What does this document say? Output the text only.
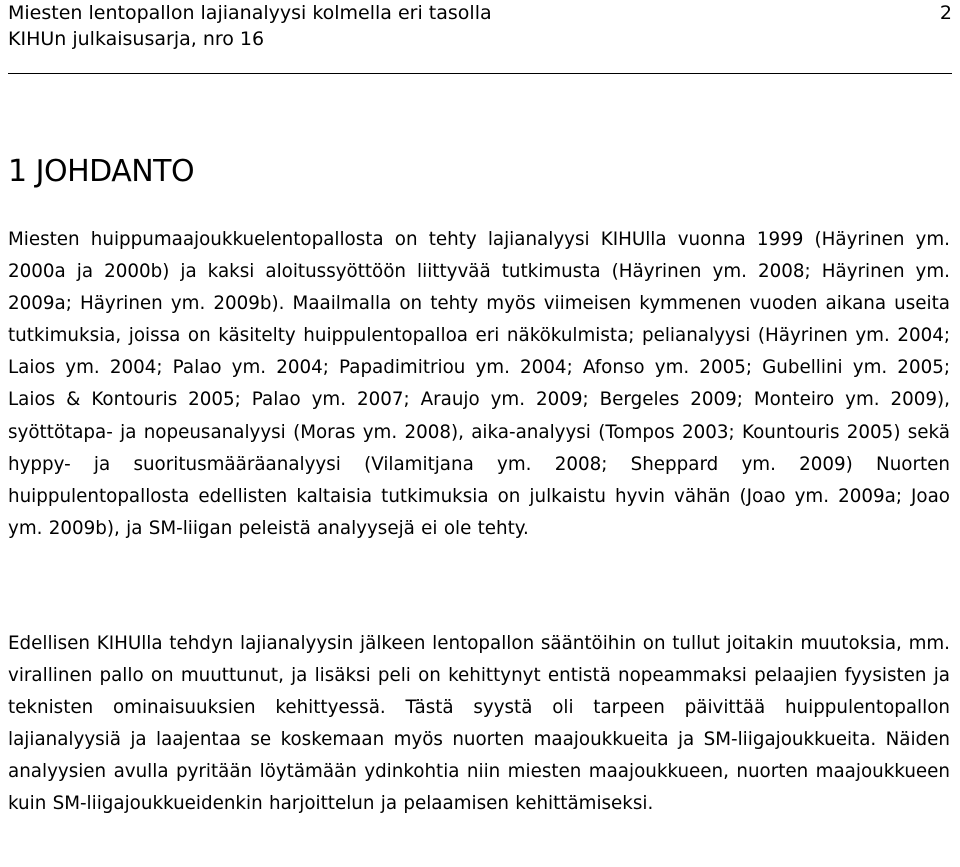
Miesten lentopallon lajianalyysi kolmella eri tasolla
KIHUn julkaisusarja, nro 16
2
1 JOHDANTO

Miesten huippumaajoukkuelentopallosta on tehty lajianalyysi KIHUlla vuonna 1999 (Häyrinen ym. 2000a ja 2000b) ja kaksi aloitussyöttöön liittyvää tutkimusta (Häyrinen ym. 2008; Häyrinen ym. 2009a; Häyrinen ym. 2009b). Maailmalla on tehty myös viimeisen kymmenen vuoden aikana useita tutkimuksia, joissa on käsitelty huippulentopalloa eri näkökulmista; pelianalyysi (Häyrinen ym. 2004; Laios ym. 2004; Palao ym. 2004; Papadimitriou ym. 2004; Afonso ym. 2005; Gubellini ym. 2005; Laios & Kontouris 2005; Palao ym. 2007; Araujo ym. 2009; Bergeles 2009; Monteiro ym. 2009), syöttötapa- ja nopeusanalyysi (Moras ym. 2008), aika-analyysi (Tompos 2003; Kountouris 2005) sekä hyppy- ja suoritusmääräanalyysi (Vilamitjana ym. 2008; Sheppard ym. 2009) Nuorten huippulentopallosta edellisten kaltaisia tutkimuksia on julkaistu hyvin vähän (Joao ym. 2009a; Joao ym. 2009b), ja SM-liigan peleistä analyysejä ei ole tehty.

Edellisen KIHUlla tehdyn lajianalyysin jälkeen lentopallon sääntöihin on tullut joitakin muutoksia, mm. virallinen pallo on muuttunut, ja lisäksi peli on kehittynyt entistä nopeammaksi pelaajien fyysisten ja teknisten ominaisuuksien kehittyessä. Tästä syystä oli tarpeen päivittää huippulentopallon lajianalyysiä ja laajentaa se koskemaan myös nuorten maajoukkueita ja SM-liigajoukkueita. Näiden analyysien avulla pyritään löytämään ydinkohtia niin miesten maajoukkueen, nuorten maajoukkueen kuin SM-liigajoukkueidenkin harjoittelun ja pelaamisen kehittämiseksi.
